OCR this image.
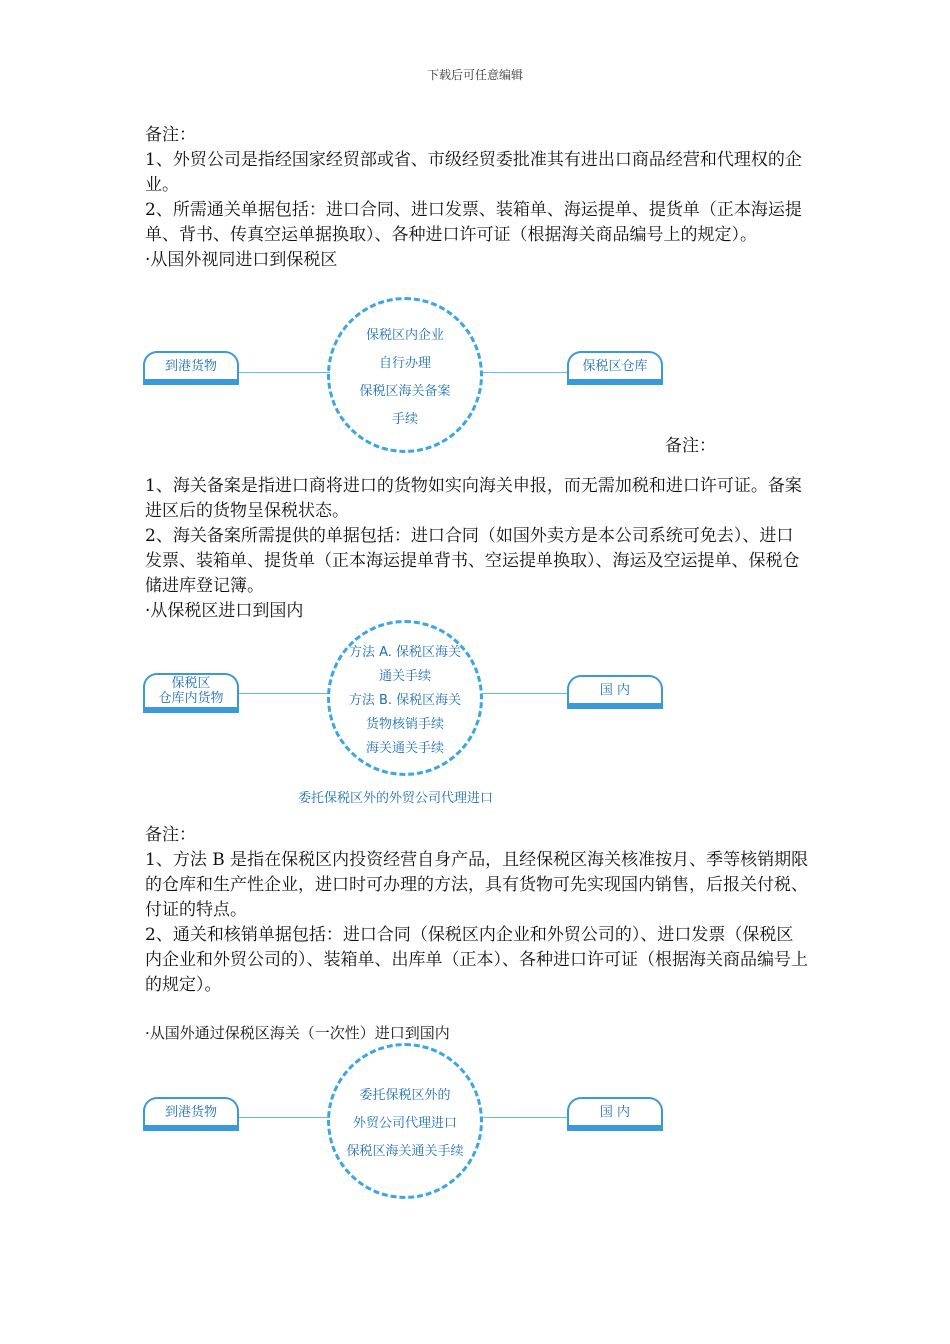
下载后可任意编辑

备注：

1、外贸公司是指经国家经贸部或省、市级经贸委批准其有进出口商品经营和代理权的企业。

2、所需通关单据包括：进口合同、进口发票、装箱单、海运提单、提货单（正本海运提单、背书、传真空运单据换取）、各种进口许可证（根据海关商品编号上的规定）。

·从国外视同进口到保税区

到港货物
保税区内企业
自行办理
保税区海关备案
手续
保税区仓库
备注：

1、海关备案是指进口商将进口的货物如实向海关申报，而无需加税和进口许可证。备案进区后的货物呈保税状态。

2、海关备案所需提供的单据包括：进口合同（如国外卖方是本公司系统可免去）、进口发票、装箱单、提货单（正本海运提单背书、空运提单换取）、海运及空运提单、保税仓储进库登记簿。

·从保税区进口到国内

保税区
仓库内货物
方法 A. 保税区海关
通关手续
方法 B. 保税区海关
货物核销手续
海关通关手续
国 内
委托保税区外的外贸公司代理进口

备注：

1、方法 B 是指在保税区内投资经营自身产品，且经保税区海关核准按月、季等核销期限的仓库和生产性企业，进口时可办理的方法，具有货物可先实现国内销售，后报关付税、付证的特点。

2、通关和核销单据包括：进口合同（保税区内企业和外贸公司的）、进口发票（保税区内企业和外贸公司的）、装箱单、出库单（正本）、各种进口许可证（根据海关商品编号上的规定）。

·从国外通过保税区海关（一次性）进口到国内
到港货物
委托保税区外的
外贸公司代理进口
保税区海关通关手续
国 内
